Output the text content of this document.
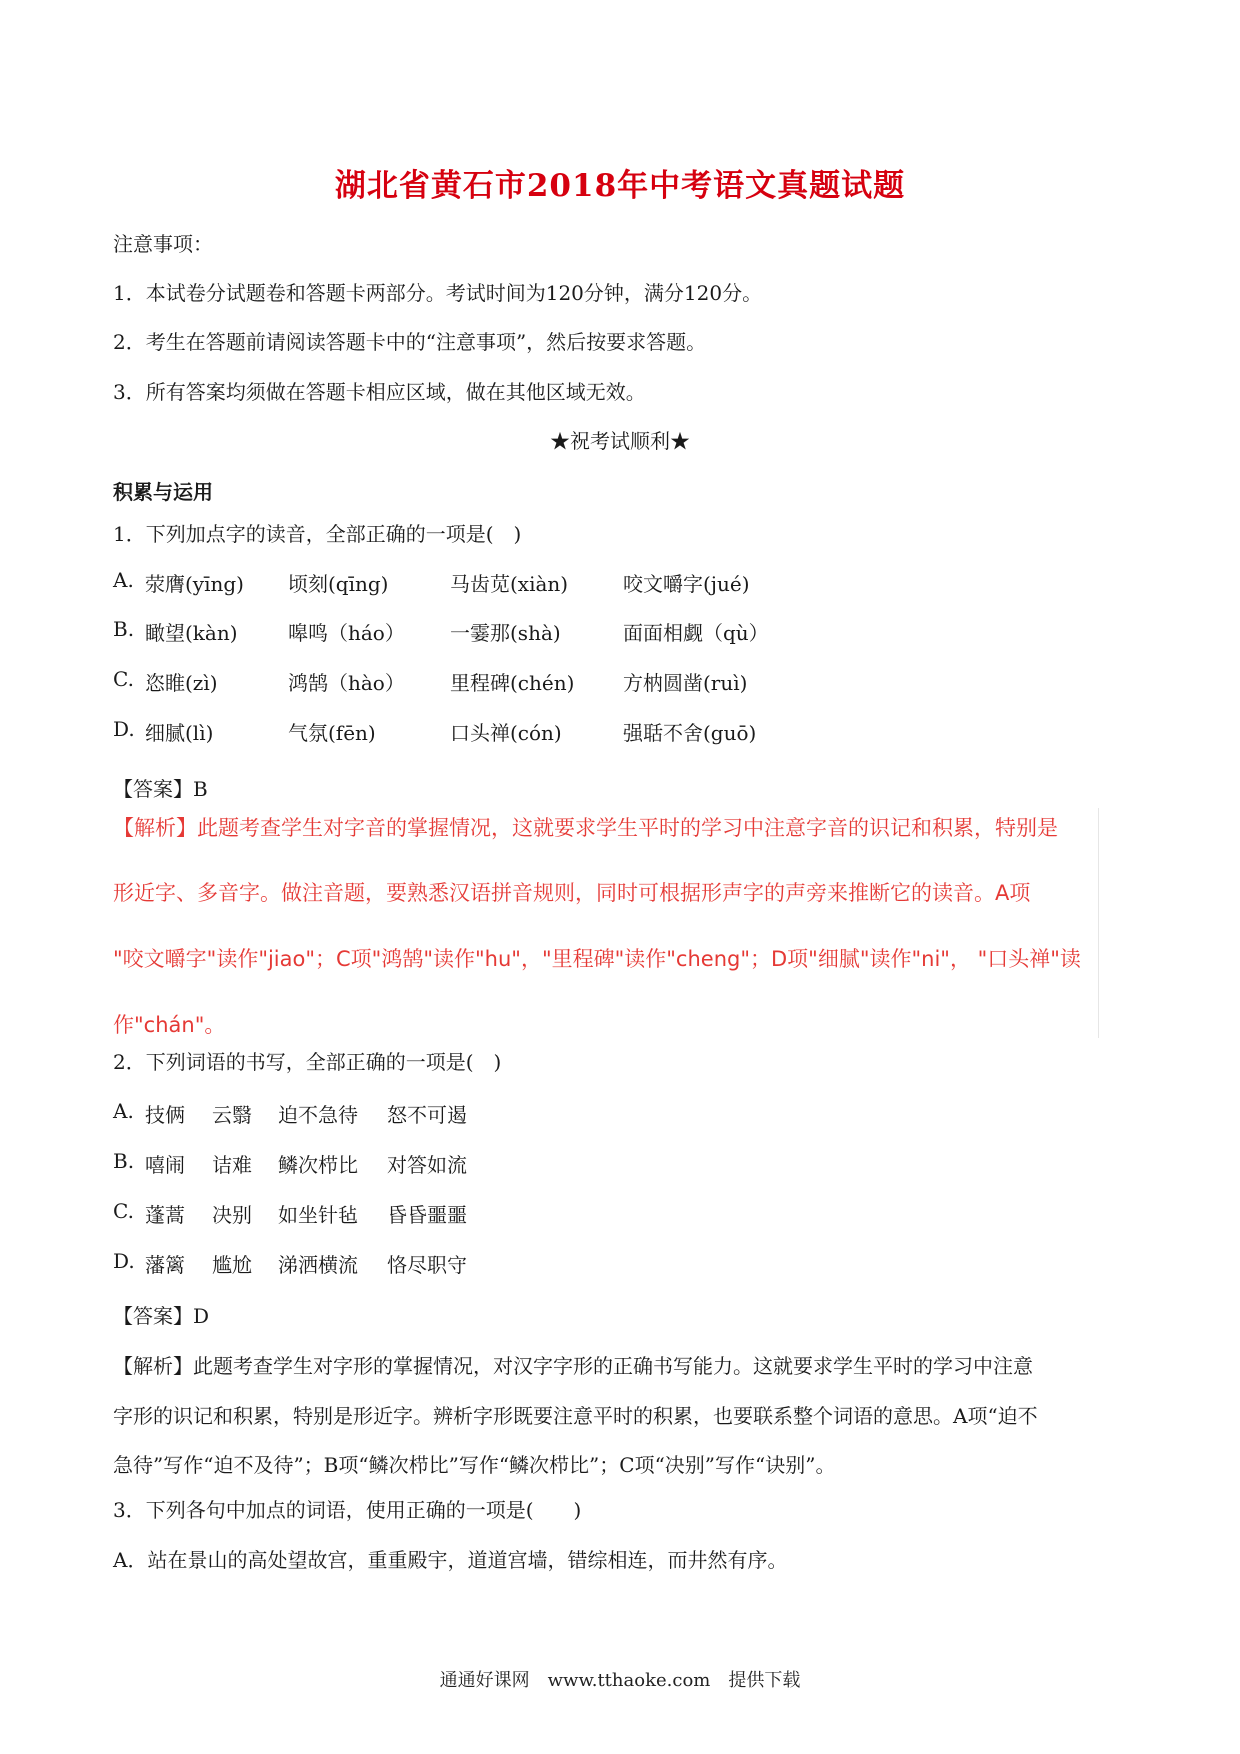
湖北省黄石市2018年中考语文真题试题
注意事项：
1．本试卷分试题卷和答题卡两部分。考试时间为120分钟，满分120分。
2．考生在答题前请阅读答题卡中的“注意事项”，然后按要求答题。
3．所有答案均须做在答题卡相应区域，做在其他区域无效。
★祝考试顺利★
积累与运用
1．下列加点字的读音，全部正确的一项是(　)
A. 荥膺(yīng) 顷刻(qīng)	马齿苋(xiàn)	咬文嚼字(jué)
B. 瞰望(kàn)	嗥鸣（háo） 一霎那(shà)	面面相觑（qù）
C. 恣睢(zì)	鸿鹄（hào） 里程碑(chén) 方枘圆凿(ruì)
D. 细腻(lì)	气氛(fēn)	口头禅(cón)	强聒不舍(guō)
【答案】B
【解析】此题考查学生对字音的掌握情况，这就要求学生平时的学习中注意字音的识记和积累，特别是
形近字、多音字。做注音题，要熟悉汉语拼音规则，同时可根据形声字的声旁来推断它的读音。A项
"咬文嚼字"读作"jiao"；C项"鸿鹄"读作"hu"，"里程碑"读作"cheng"；D项"细腻"读作"ni"， "口头禅"读
作"chán"。
2．下列词语的书写，全部正确的一项是(　)
A. 技俩 云翳 迫不急待 怒不可遏
B. 嘻闹 诘难 鳞次栉比 对答如流
C. 蓬蒿 决别 如坐针毡 昏昏噩噩
D. 藩篱 尴尬 涕洒横流 恪尽职守
【答案】D
【解析】此题考查学生对字形的掌握情况，对汉字字形的正确书写能力。这就要求学生平时的学习中注意
字形的识记和积累，特别是形近字。辨析字形既要注意平时的积累，也要联系整个词语的意思。A项“迫不
急待”写作“迫不及待”；B项“鳞次栉比”写作“鳞次栉比”；C项“决别”写作“诀别”。
3．下列各句中加点的词语，使用正确的一项是(　　)
A．站在景山的高处望故宫，重重殿宇，道道宫墙，错综相连，而井然有序。
通通好课网　www.tthaoke.com　提供下载
